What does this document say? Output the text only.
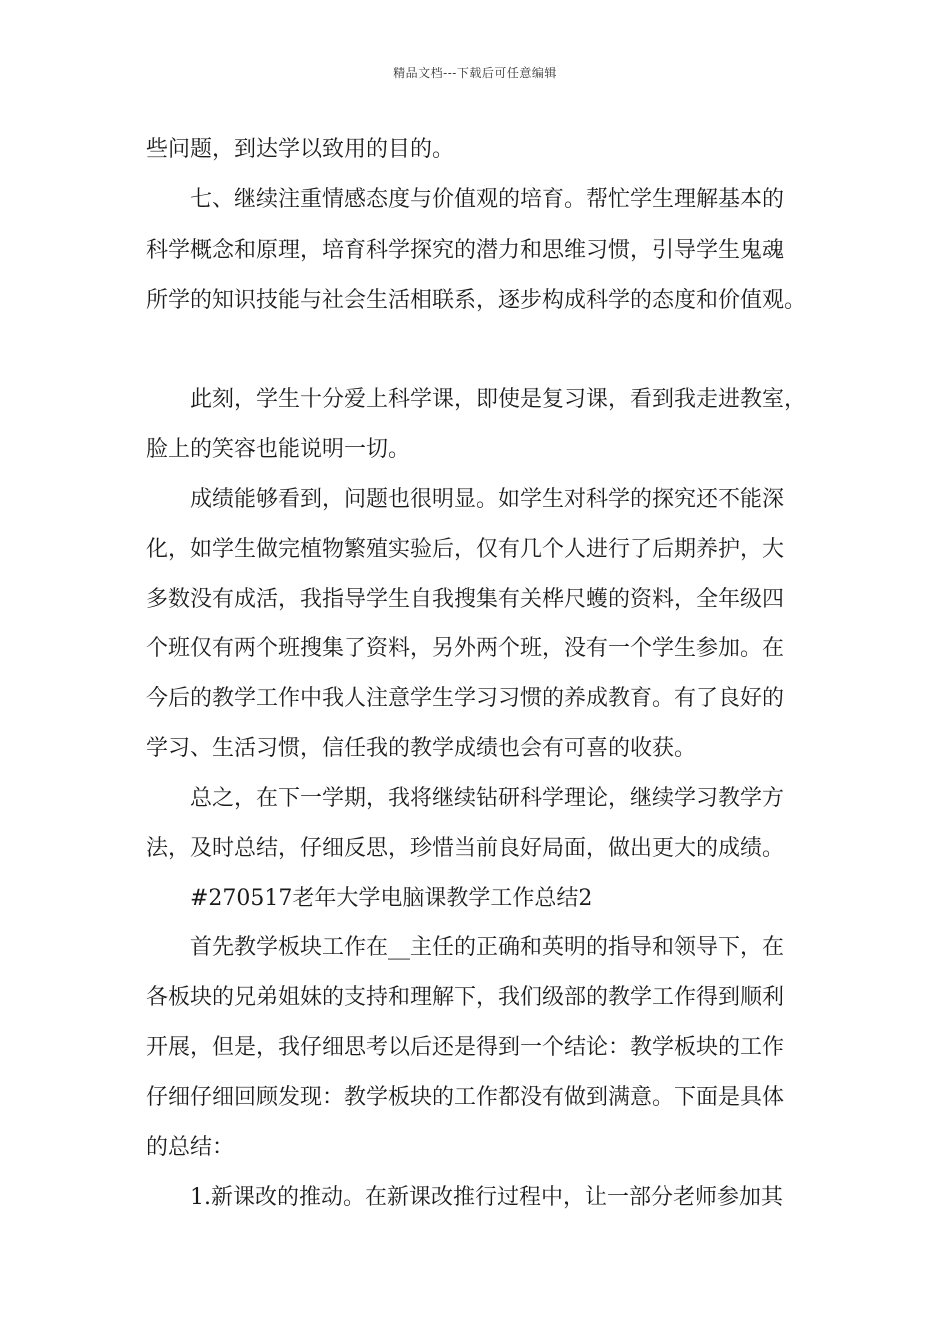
精品文档---下载后可任意编辑

些问题，到达学以致用的目的。

七、继续注重情感态度与价值观的培育。帮忙学生理解基本的

科学概念和原理，培育科学探究的潜力和思维习惯，引导学生鬼魂

所学的知识技能与社会生活相联系，逐步构成科学的态度和价值观。

此刻，学生十分爱上科学课，即使是复习课，看到我走进教室，

脸上的笑容也能说明一切。

成绩能够看到，问题也很明显。如学生对科学的探究还不能深

化，如学生做完植物繁殖实验后，仅有几个人进行了后期养护，大

多数没有成活，我指导学生自我搜集有关桦尺蠖的资料，全年级四

个班仅有两个班搜集了资料，另外两个班，没有一个学生参加。在

今后的教学工作中我人注意学生学习习惯的养成教育。有了良好的

学习、生活习惯，信任我的教学成绩也会有可喜的收获。

总之，在下一学期，我将继续钻研科学理论，继续学习教学方

法，及时总结，仔细反思，珍惜当前良好局面，做出更大的成绩。

#270517老年大学电脑课教学工作总结2

首先教学板块工作在__主任的正确和英明的指导和领导下，在

各板块的兄弟姐妹的支持和理解下，我们级部的教学工作得到顺利

开展，但是，我仔细思考以后还是得到一个结论：教学板块的工作

仔细仔细回顾发现：教学板块的工作都没有做到满意。下面是具体

的总结：

1.新课改的推动。在新课改推行过程中，让一部分老师参加其
